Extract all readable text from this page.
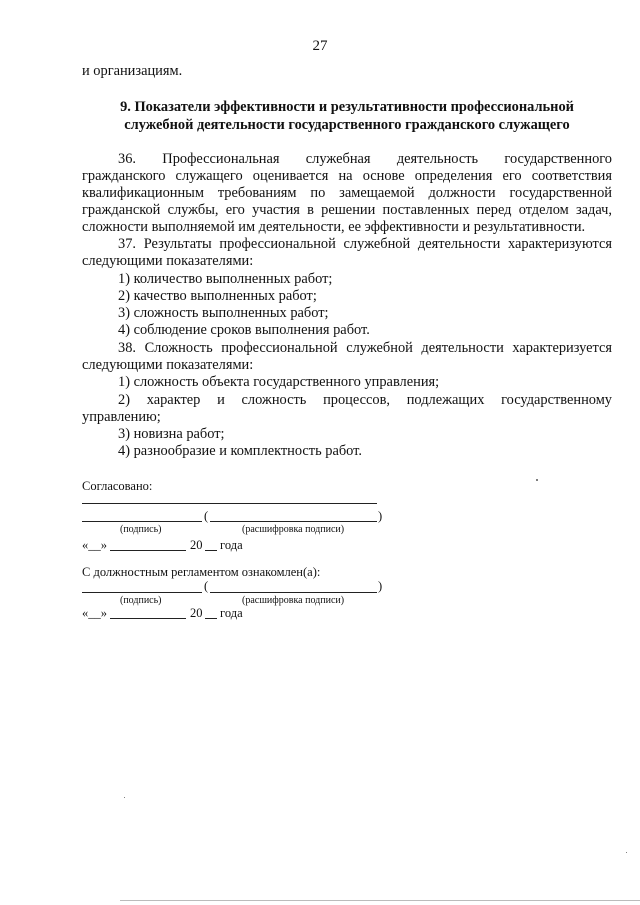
27
и организациям.
9. Показатели эффективности и результативности профессиональной
служебной деятельности государственного гражданского служащего
36. Профессиональная служебная деятельность государственного
гражданского служащего оценивается на основе определения его соответствия
квалификационным требованиям по замещаемой должности государственной
гражданской службы, его участия в решении поставленных перед отделом задач,
сложности выполняемой им деятельности, ее эффективности и результативности.
37. Результаты профессиональной служебной деятельности характеризуются
следующими показателями:
1) количество выполненных работ;
2) качество выполненных работ;
3) сложность выполненных работ;
4) соблюдение сроков выполнения работ.
38. Сложность профессиональной служебной деятельности характеризуется
следующими показателями:
1) сложность объекта государственного управления;
2) характер и сложность процессов, подлежащих государственному
управлению;
3) новизна работ;
4) разнообразие и комплектность работ.
Согласовано:
(	)
(подпись)	(расшифровка подписи)
«__»	20 года
С должностным регламентом ознакомлен(а):
(	)
(подпись)	(расшифровка подписи)
«__»	20 года
